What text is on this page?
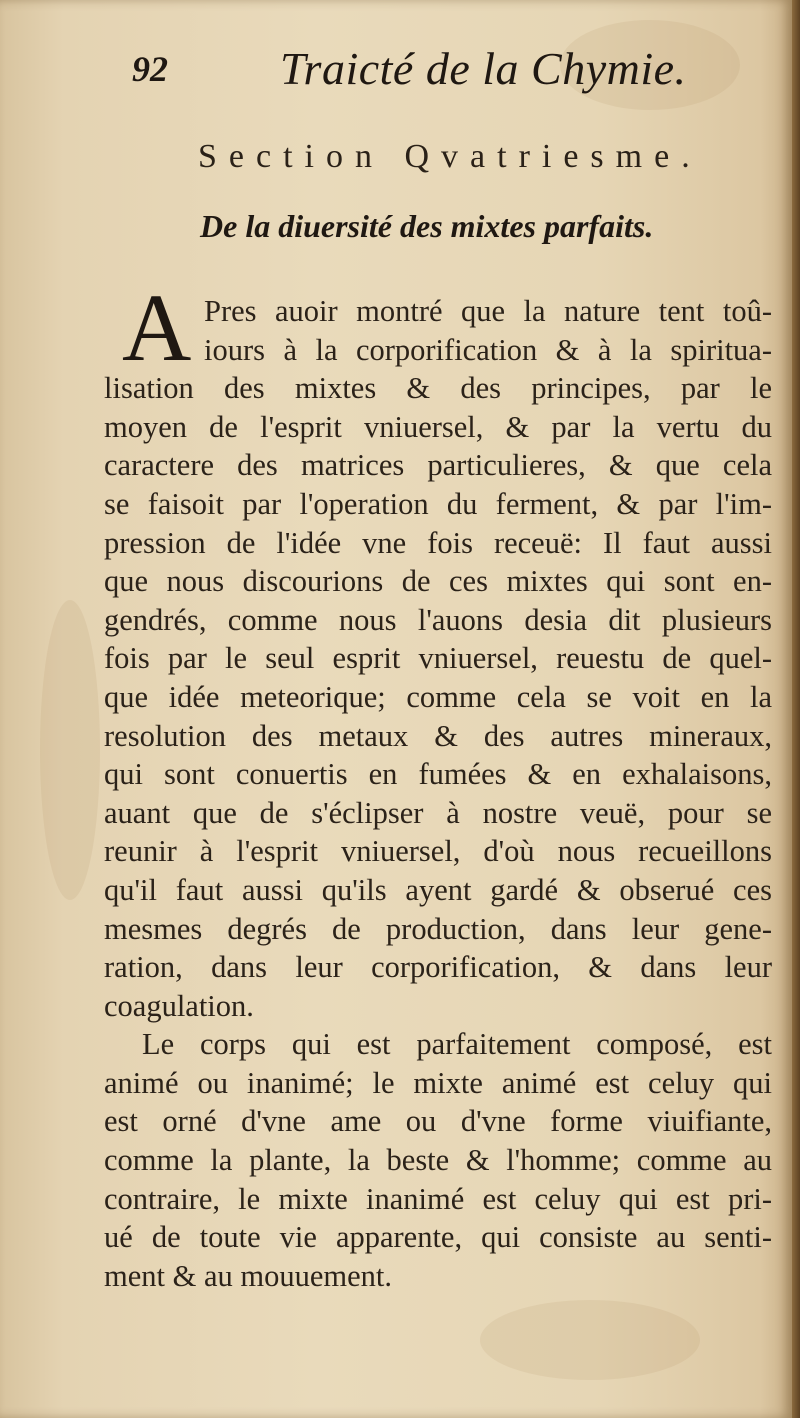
92 Traicté de la Chymie.
Section Qvatriesme.
De la diuersité des mixtes parfaits.
A Pres auoir montré que la nature tent toû-
iours à la corporification & à la spiritua-
lisation des mixtes & des principes, par le
moyen de l'esprit vniuersel, & par la vertu du
caractere des matrices particulieres, & que cela
se faisoit par l'operation du ferment, & par l'im-
pression de l'idée vne fois receuë: Il faut aussi
que nous discourions de ces mixtes qui sont en-
gendrés, comme nous l'auons desia dit plusieurs
fois par le seul esprit vniuersel, reuestu de quel-
que idée meteorique; comme cela se voit en la
resolution des metaux & des autres mineraux,
qui sont conuertis en fumées & en exhalaisons,
auant que de s'éclipser à nostre veuë, pour se
reunir à l'esprit vniuersel, d'où nous recueillons
qu'il faut aussi qu'ils ayent gardé & obserué ces
mesmes degrés de production, dans leur gene-
ration, dans leur corporification, & dans leur
coagulation.
Le corps qui est parfaitement composé, est
animé ou inanimé; le mixte animé est celuy qui
est orné d'vne ame ou d'vne forme viuifiante,
comme la plante, la beste & l'homme; comme au
contraire, le mixte inanimé est celuy qui est pri-
ué de toute vie apparente, qui consiste au senti-
ment & au mouuement.
